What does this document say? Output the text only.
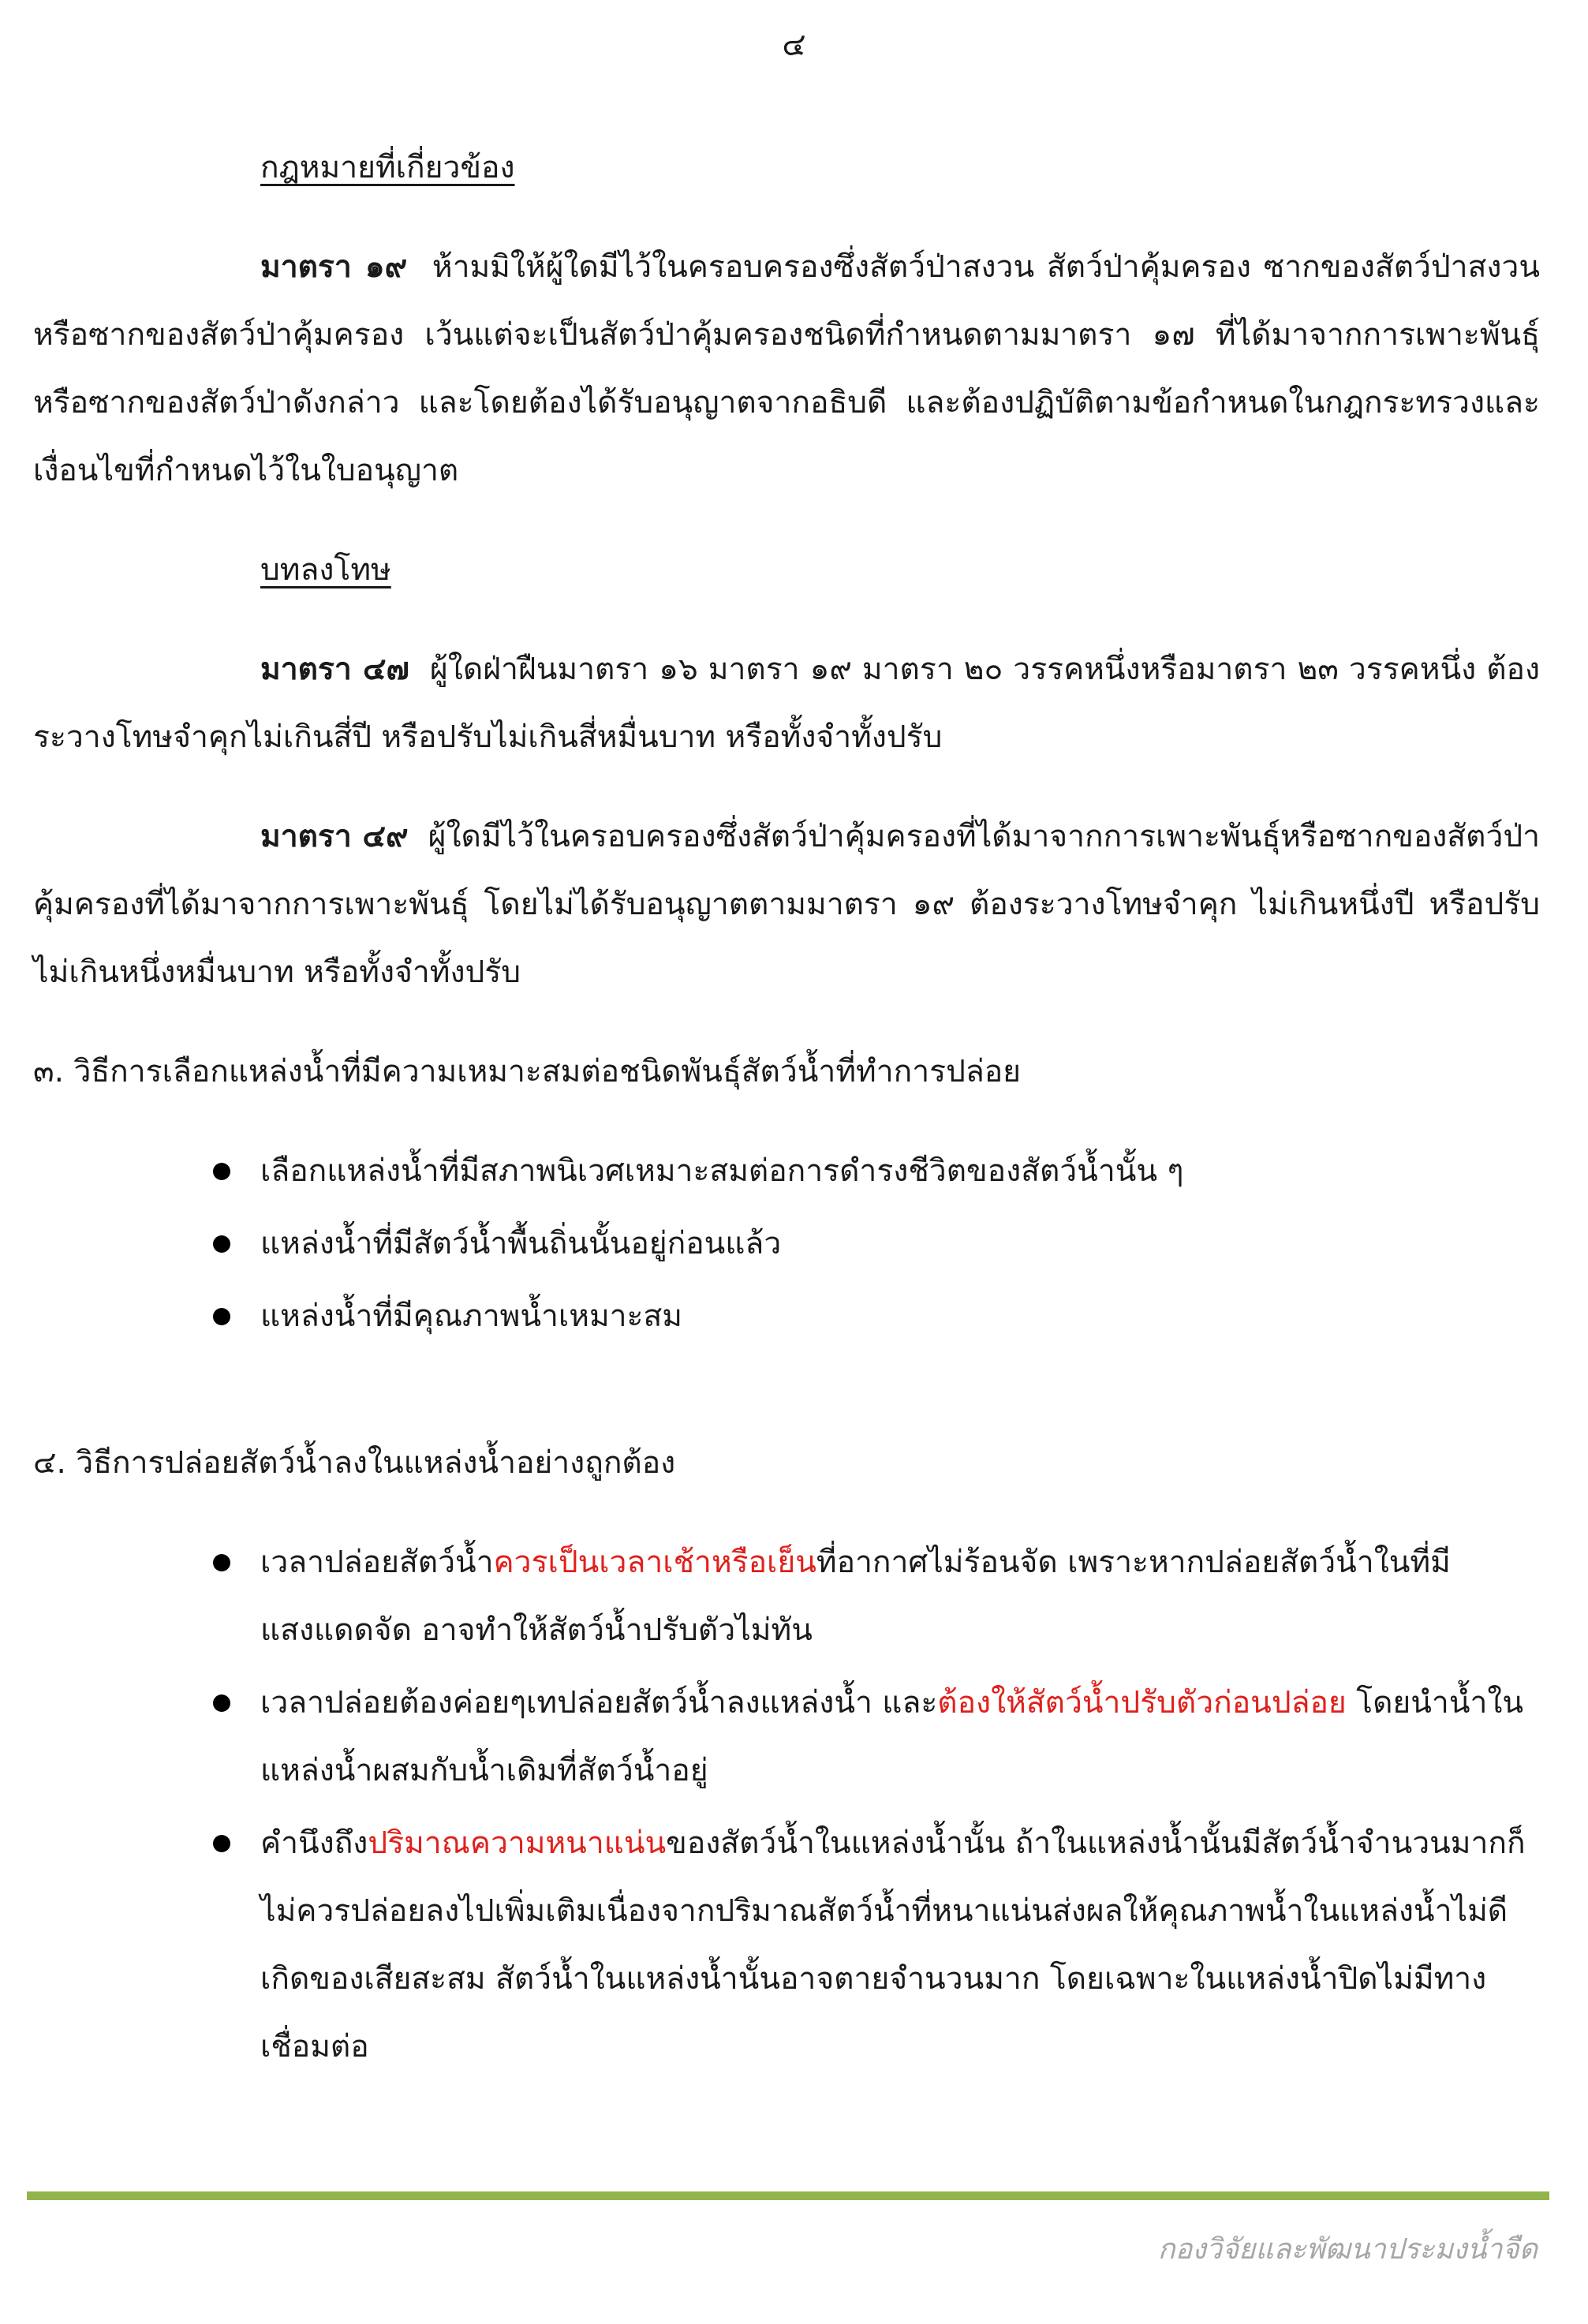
๔
กฎหมายที่เกี่ยวข้อง

มาตรา ๑๙ ห้ามมิให้ผู้ใดมีไว้ในครอบครองซึ่งสัตว์ป่าสงวน สัตว์ป่าคุ้มครอง ซากของสัตว์ป่าสงวน หรือซากของสัตว์ป่าคุ้มครอง เว้นแต่จะเป็นสัตว์ป่าคุ้มครองชนิดที่กำหนดตามมาตรา ๑๗ ที่ได้มาจากการเพาะพันธุ์ หรือซากของสัตว์ป่าดังกล่าว และโดยต้องได้รับอนุญาตจากอธิบดี และต้องปฏิบัติตามข้อกำหนดในกฎกระทรวงและเงื่อนไขที่กำหนดไว้ในใบอนุญาต

บทลงโทษ

มาตรา ๔๗ ผู้ใดฝ่าฝืนมาตรา ๑๖ มาตรา ๑๙ มาตรา ๒๐ วรรคหนึ่งหรือมาตรา ๒๓ วรรคหนึ่ง ต้องระวางโทษจำคุกไม่เกินสี่ปี หรือปรับไม่เกินสี่หมื่นบาท หรือทั้งจำทั้งปรับ

มาตรา ๔๙ ผู้ใดมีไว้ในครอบครองซึ่งสัตว์ป่าคุ้มครองที่ได้มาจากการเพาะพันธุ์หรือซากของสัตว์ป่าคุ้มครองที่ได้มาจากการเพาะพันธุ์ โดยไม่ได้รับอนุญาตตามมาตรา ๑๙ ต้องระวางโทษจำคุก ไม่เกินหนึ่งปี หรือปรับไม่เกินหนึ่งหมื่นบาท หรือทั้งจำทั้งปรับ

๓. วิธีการเลือกแหล่งน้ำที่มีความเหมาะสมต่อชนิดพันธุ์สัตว์น้ำที่ทำการปล่อย
เลือกแหล่งน้ำที่มีสภาพนิเวศเหมาะสมต่อการดำรงชีวิตของสัตว์น้ำนั้น ๆ
แหล่งน้ำที่มีสัตว์น้ำพื้นถิ่นนั้นอยู่ก่อนแล้ว
แหล่งน้ำที่มีคุณภาพน้ำเหมาะสม
๔. วิธีการปล่อยสัตว์น้ำลงในแหล่งน้ำอย่างถูกต้อง
เวลาปล่อยสัตว์น้ำควรเป็นเวลาเช้าหรือเย็นที่อากาศไม่ร้อนจัด เพราะหากปล่อยสัตว์น้ำในที่มีแสงแดดจัด อาจทำให้สัตว์น้ำปรับตัวไม่ทัน
เวลาปล่อยต้องค่อยๆเทปล่อยสัตว์น้ำลงแหล่งน้ำ และต้องให้สัตว์น้ำปรับตัวก่อนปล่อย โดยนำน้ำในแหล่งน้ำผสมกับน้ำเดิมที่สัตว์น้ำอยู่
คำนึงถึงปริมาณความหนาแน่นของสัตว์น้ำในแหล่งน้ำนั้น ถ้าในแหล่งน้ำนั้นมีสัตว์น้ำจำนวนมากก็ไม่ควรปล่อยลงไปเพิ่มเติมเนื่องจากปริมาณสัตว์น้ำที่หนาแน่นส่งผลให้คุณภาพน้ำในแหล่งน้ำไม่ดี เกิดของเสียสะสม สัตว์น้ำในแหล่งน้ำนั้นอาจตายจำนวนมาก โดยเฉพาะในแหล่งน้ำปิดไม่มีทางเชื่อมต่อ
กองวิจัยและพัฒนาประมงน้ำจืด
